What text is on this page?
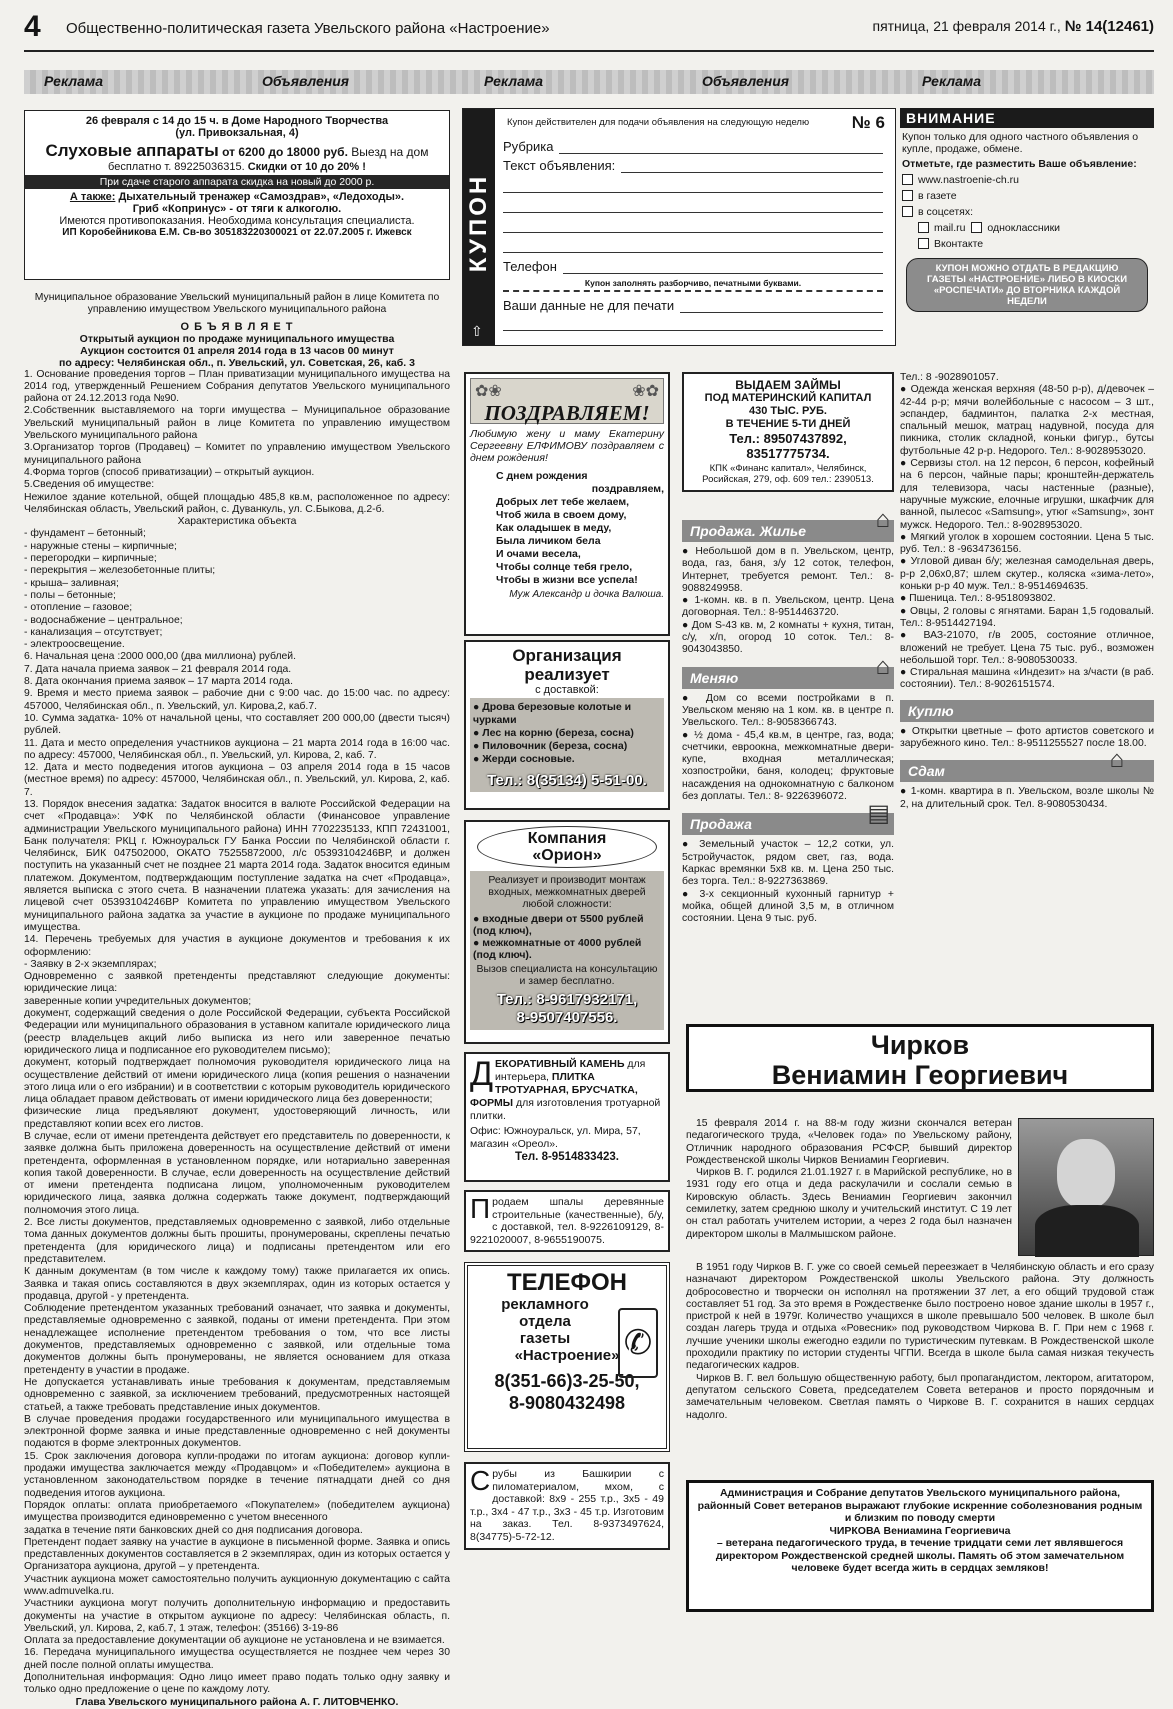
4 Общественно-политическая газета Увельского района «Настроение»	пятница, 21 февраля 2014 г., № 14(12461)
Реклама	Объявления	Реклама	Объявления	Реклама
26 февраля с 14 до 15 ч. в Доме Народного Творчества
(ул. Привокзальная, 4)
Слуховые аппараты от 6200 до 18000 руб. Выезд на дом
бесплатно т. 89225036315. Скидки от 10 до 20% !
При сдаче старого аппарата скидка на новый до 2000 р.
А также: Дыхательный тренажер «Самоздрав», «Ледоходы».
Гриб «Копринус» - от тяги к алкоголю.
Имеются противопоказания. Необходима консультация специалиста.
ИП Коробейникова Е.М. Св-во 305183220300021 от 22.07.2005 г. Ижевск
Муниципальное образование Увельский муниципальный район в лице Комитета по управлению имуществом Увельского муниципального района
О Б Ъ Я В Л Я Е Т
Открытый аукцион по продаже муниципального имущества
Аукцион состоится 01 апреля 2014 года в 13 часов 00 минут
по адресу: Челябинская обл., п. Увельский, ул. Советская, 26, каб. 3
1. Основание проведения торгов – План приватизации муниципального имущества на 2014 год, утвержденный Решением Собрания депутатов Увельского муниципального района от 24.12.2013 года №90.
2.Собственник выставляемого на торги имущества – Муниципальное образование Увельский муниципальный район в лице Комитета по управлению имуществом Увельского муниципального района
3.Организатор торгов (Продавец) – Комитет по управлению имуществом Увельского муниципального района
4.Форма торгов (способ приватизации) – открытый аукцион.
5.Сведения об имуществе:
Нежилое здание котельной, общей площадью 485,8 кв.м, расположенное по адресу: Челябинская область, Увельский район, с. Дуванкуль, ул. С.Быкова, д.2-б.
Характеристика объекта
- фундамент – бетонный;
- наружные стены – кирпичные;
- перегородки – кирпичные;
- перекрытия – железобетонные плиты;
- крыша– заливная;
- полы – бетонные;
- отопление – газовое;
- водоснабжение – центральное;
- канализация – отсутствует;
- электроосвещение.
6. Начальная цена :2000 000,00 (два миллиона) рублей.
7. Дата начала приема заявок – 21 февраля 2014 года.
8. Дата окончания приема заявок – 17 марта 2014 года.
9. Время и место приема заявок – рабочие дни с 9:00 час. до 15:00 час. по адресу: 457000, Челябинская обл., п. Увельский, ул. Кирова,2, каб.7.
10. Сумма задатка- 10% от начальной цены, что составляет 200 000,00 (двести тысяч) рублей.
11. Дата и место определения участников аукциона – 21 марта 2014 года в 16:00 час. по адресу: 457000, Челябинская обл., п. Увельский, ул. Кирова, 2, каб. 7.
12. Дата и место подведения итогов аукциона – 03 апреля 2014 года в 15 часов (местное время) по адресу: 457000, Челябинская обл., п. Увельский, ул. Кирова, 2, каб. 7.
13. Порядок внесения задатка: Задаток вносится в валюте Российской Федерации на счет «Продавца»: УФК по Челябинской области (Финансовое управление администрации Увельского муниципального района) ИНН 7702235133, КПП 72431001, Банк получателя: РКЦ г. Южноуральск ГУ Банка России по Челябинской области г. Челябинск, БИК 047502000, ОКАТО 75255872000, л/с 05393104246ВР, и должен поступить на указанный счет не позднее 21 марта 2014 года. Задаток вносится единым платежом. Документом, подтверждающим поступление задатка на счет «Продавца», является выписка с этого счета. В назначении платежа указать: для зачисления на лицевой счет 05393104246ВР Комитета по управлению имуществом Увельского муниципального района задатка за участие в аукционе по продаже муниципального имущества.
14. Перечень требуемых для участия в аукционе документов и требования к их оформлению:
- Заявку в 2-х экземплярах;
Одновременно с заявкой претенденты представляют следующие документы: юридические лица:
заверенные копии учредительных документов;
документ, содержащий сведения о доле Российской Федерации, субъекта Российской Федерации или муниципального образования в уставном капитале юридического лица (реестр владельцев акций либо выписка из него или заверенное печатью юридического лица и подписанное его руководителем письмо);
документ, который подтверждает полномочия руководителя юридического лица на осуществление действий от имени юридического лица (копия решения о назначении этого лица или о его избрании) и в соответствии с которым руководитель юридического лица обладает правом действовать от имени юридического лица без доверенности;
физические лица предъявляют документ, удостоверяющий личность, или представляют копии всех его листов.
В случае, если от имени претендента действует его представитель по доверенности, к заявке должна быть приложена доверенность на осуществление действий от имени претендента, оформленная в установленном порядке, или нотариально заверенная копия такой доверенности. В случае, если доверенность на осуществление действий от имени претендента подписана лицом, уполномоченным руководителем юридического лица, заявка должна содержать также документ, подтверждающий полномочия этого лица.
2. Все листы документов, представляемых одновременно с заявкой, либо отдельные тома данных документов должны быть прошиты, пронумерованы, скреплены печатью претендента (для юридического лица) и подписаны претендентом или его представителем.
К данным документам (в том числе к каждому тому) также прилагается их опись. Заявка и такая опись составляются в двух экземплярах, один из которых остается у продавца, другой - у претендента.
Соблюдение претендентом указанных требований означает, что заявка и документы, представляемые одновременно с заявкой, поданы от имени претендента. При этом ненадлежащее исполнение претендентом требования о том, что все листы документов, представляемых одновременно с заявкой, или отдельные тома документов должны быть пронумерованы, не является основанием для отказа претенденту в участии в продаже.
Не допускается устанавливать иные требования к документам, представляемым одновременно с заявкой, за исключением требований, предусмотренных настоящей статьей, а также требовать представление иных документов.
В случае проведения продажи государственного или муниципального имущества в электронной форме заявка и иные представленные одновременно с ней документы подаются в форме электронных документов.
15. Срок заключения договора купли-продажи по итогам аукциона: договор купли-продажи имущества заключается между «Продавцом» и «Победителем» аукциона в установленном законодательством порядке в течение пятнадцати дней со дня подведения итогов аукциона.
Порядок оплаты: оплата приобретаемого «Покупателем» (победителем аукциона) имущества производится единовременно с учетом внесенного
задатка в течение пяти банковских дней со дня подписания договора.
Претендент подает заявку на участие в аукционе в письменной форме. Заявка и опись представленных документов составляется в 2 экземплярах, один из которых остается у Организатора аукциона, другой – у претендента.
Участник аукциона может самостоятельно получить аукционную документацию с сайта www.admuvelka.ru.
Участники аукциона могут получить дополнительную информацию и предоставить документы на участие в открытом аукционе по адресу: Челябинская область, п. Увельский, ул. Кирова, 2, каб.7, 1 этаж, телефон: (35166) 3-19-86
Оплата за предоставление документации об аукционе не установлена и не взимается.
16. Передача муниципального имущества осуществляется не позднее чем через 30 дней после полной оплаты имущества.
Дополнительная информация: Одно лицо имеет право подать только одну заявку и только одно предложение о цене по каждому лоту.
Глава Увельского муниципального района А. Г. ЛИТОВЧЕНКО.
КУПОН
⇧
Купон действителен для подачи объявления на следующую неделю	№ 6
Рубрика
Текст объявления:
Телефон
Купон заполнять разборчиво, печатными буквами.
Ваши данные не для печати
ВНИМАНИЕ
Купон только для одного частного объявления о купле, продаже, обмене.
Отметьте, где разместить Ваше объявление:
www.nastroenie-ch.ru
в газете
в соцсетях:
mail.ru одноклассники
Вконтакте
КУПОН МОЖНО ОТДАТЬ В РЕДАКЦИЮ ГАЗЕТЫ «НАСТРОЕНИЕ» ЛИБО В КИОСКИ «РОСПЕЧАТИ» ДО ВТОРНИКА КАЖДОЙ НЕДЕЛИ
✿❀	❀✿
ПОЗДРАВЛЯЕМ!
Любимую жену и маму Екатерину Сергеевну ЕЛФИМОВУ поздравляем с днем рождения!
С днем рождения
поздравляем,
Добрых лет тебе желаем,
Чтоб жила в своем дому,
Как оладышек в меду,
Была личиком бела
И очами весела,
Чтобы солнце тебя грело,
Чтобы в жизни все успела!
Муж Александр и дочка Валюша.
Организация
реализует
с доставкой:
● Дрова березовые колотые и чурками
● Лес на корню (береза, сосна)
● Пиловочник (береза, сосна)
● Жерди сосновые.
Тел.: 8(35134) 5-51-00.
Компания
«Орион»
Реализует и производит монтаж входных, межкомнатных дверей любой сложности:
● входные двери от 5500 рублей (под ключ),
● межкомнатные от 4000 рублей (под ключ).
Вызов специалиста на консультацию и замер бесплатно.
Тел.: 8-9617932171,
8-9507407556.
Д ЕКОРАТИВНЫЙ КАМЕНЬ для интерьера, ПЛИТКА ТРОТУАРНАЯ, БРУСЧАТКА, ФОРМЫ для изготовления тротуарной плитки.
Офис: Южноуральск, ул. Мира, 57, магазин «Ореол».
Тел. 8-9514833423.
Продаем шпалы деревянные строительные (качественные), б/у, с доставкой, тел. 8-9226109129, 8-9221020007, 8-9655190075.
ТЕЛЕФОН
✆
рекламного
отдела
газеты
«Настроение»
8(351-66)3-25-50,
8-9080432498
Срубы из Башкирии с пиломатериалом, мхом, с доставкой: 8х9 - 255 т.р., 3х5 - 49 т.р., 3х4 - 47 т.р., 3х3 - 45 т.р. Изготовим на заказ. Тел. 8-9373497624, 8(34775)-5-72-12.
ВЫДАЕМ ЗАЙМЫ
ПОД МАТЕРИНСКИЙ КАПИТАЛ
430 ТЫС. РУБ.
В ТЕЧЕНИЕ 5-ТИ ДНЕЙ
Тел.: 89507437892,
83517775734.
КПК «Финанс капитал», Челябинск, Росийская, 279, оф. 609 тел.: 2390513.
Продажа. Жилье	⌂
● Небольшой дом в п. Увельском, центр, вода, газ, баня, з/у 12 соток, телефон, Интернет, требуется ремонт. Тел.: 8-9088249958.
● 1-комн. кв. в п. Увельском, центр. Цена договорная. Тел.: 8-9514463720.
● Дом S-43 кв. м, 2 комнаты + кухня, титан, с/у, х/п, огород 10 соток. Тел.: 8-9043043850.
Меняю	⌂
● Дом со всеми постройками в п. Увельском меняю на 1 ком. кв. в центре п. Увельского. Тел.: 8-9058366743.
● ½ дома - 45,4 кв.м, в центре, газ, вода; счетчики, евроокна, межкомнатные двери-купе, входная металлическая; хозпостройки, баня, колодец; фруктовые насаждения на однокомнатную с балконом без доплаты. Тел.: 8- 9226396072.
Продажа	▤
● Земельный участок – 12,2 сотки, ул. 5стройучасток, рядом свет, газ, вода. Каркас времянки 5х8 кв. м. Цена 250 тыс. без торга. Тел.: 8-9227363869.
● 3-х секционный кухонный гарнитур + мойка, общей длиной 3,5 м, в отличном состоянии. Цена 9 тыс. руб.
Тел.: 8 -9028901057.
● Одежда женская верхняя (48-50 р-р), д/девочек – 42-44 р-р; мячи волейбольные с насосом – 3 шт., эспандер, бадминтон, палатка 2-х местная, спальный мешок, матрац надувной, посуда для пикника, столик складной, коньки фигур., бутсы футбольные 42 р-р. Недорого. Тел.: 8-9028953020.
● Сервизы стол. на 12 персон, 6 персон, кофейный на 6 персон, чайные пары; кронштейн-держатель для телевизора, часы настенные (разные), наручные мужские, елочные игрушки, шкафчик для ванной, пылесос «Samsung», утюг «Samsung», зонт мужск. Недорого. Тел.: 8-9028953020.
● Мягкий уголок в хорошем состоянии. Цена 5 тыс. руб. Тел.: 8 -9634736156.
● Угловой диван б/у; железная самодельная дверь, р-р 2,06х0,87; шлем скутер., коляска «зима-лето», коньки р-р 40 муж. Тел.: 8-9514694635.
● Пшеница. Тел.: 8-9518093802.
● Овцы, 2 головы с ягнятами. Баран 1,5 годовалый. Тел.: 8-9514427194.
● ВАЗ-21070, г/в 2005, состояние отличное, вложений не требует. Цена 75 тыс. руб., возможен небольшой торг. Тел.: 8-9080530033.
● Стиральная машина «Индезит» на з/части (в раб. состоянии). Тел.: 8-9026151574.
Куплю
● Открытки цветные – фото артистов советского и зарубежного кино. Тел.: 8-9511255527 после 18.00.
Сдам	⌂
● 1-комн. квартира в п. Увельском, возле школы № 2, на длительный срок. Тел. 8-9080530434.
Чирков
Вениамин Георгиевич
15 февраля 2014 г. на 88-м году жизни скончался ветеран педагогического труда, «Человек года» по Увельскому району, Отличник народного образования РСФСР, бывший директор Рождественской школы Чирков Вениамин Георгиевич.
Чирков В. Г. родился 21.01.1927 г. в Марийской республике, но в 1931 году его отца и деда раскулачили и сослали семью в Кировскую область. Здесь Вениамин Георгиевич закончил семилетку, затем среднюю школу и учительский институт. С 19 лет он стал работать учителем истории, а через 2 года был назначен директором школы в Малмышском районе.
В 1951 году Чирков В. Г. уже со своей семьей переезжает в Челябинскую область и его сразу назначают директором Рождественской школы Увельского района. Эту должность добросовестно и творчески он исполнял на протяжении 37 лет, а его общий трудовой стаж составляет 51 год. За это время в Рождественке было построено новое здание школы в 1957 г., пристрой к ней в 1979г. Количество учащихся в школе превышало 500 человек. В школе был создан лагерь труда и отдыха «Ровесник» под руководством Чиркова В. Г. При нем с 1968 г. лучшие ученики школы ежегодно ездили по туристическим путевкам. В Рождественской школе проходили практику по истории студенты ЧГПИ. Всегда в школе была самая низкая текучесть педагогических кадров.
Чирков В. Г. вел большую общественную работу, был пропагандистом, лектором, агитатором, депутатом сельского Совета, председателем Совета ветеранов и просто порядочным и замечательным человеком. Светлая память о Чиркове В. Г. сохранится в наших сердцах надолго.
Администрация и Собрание депутатов Увельского муниципального района, районный Совет ветеранов выражают глубокие искренние соболезнования родным и близким по поводу смерти
ЧИРКОВА Вениамина Георгиевича
– ветерана педагогического труда, в течение тридцати семи лет являвшегося директором Рождественской средней школы. Память об этом замечательном человеке будет всегда жить в сердцах земляков!
